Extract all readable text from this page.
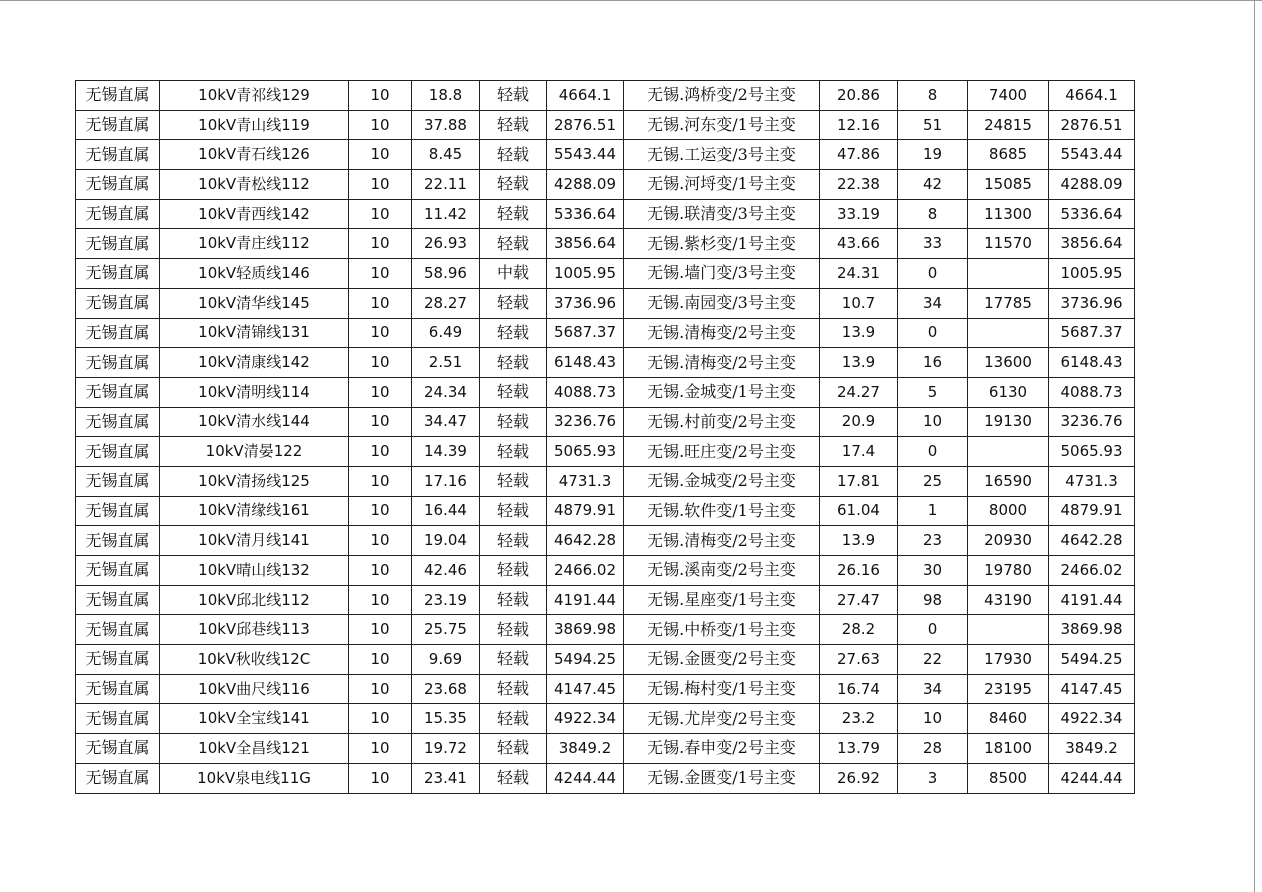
无锡直属	10kV青祁线129	10	18.8	轻载	4664.1	无锡.鸿桥变/2号主变	20.86	8	7400	4664.1
无锡直属	10kV青山线119	10	37.88	轻载	2876.51	无锡.河东变/1号主变	12.16	51	24815	2876.51
无锡直属	10kV青石线126	10	8.45	轻载	5543.44	无锡.工运变/3号主变	47.86	19	8685	5543.44
无锡直属	10kV青松线112	10	22.11	轻载	4288.09	无锡.河埒变/1号主变	22.38	42	15085	4288.09
无锡直属	10kV青西线142	10	11.42	轻载	5336.64	无锡.联清变/3号主变	33.19	8	11300	5336.64
无锡直属	10kV青庄线112	10	26.93	轻载	3856.64	无锡.紫杉变/1号主变	43.66	33	11570	3856.64
无锡直属	10kV轻质线146	10	58.96	中载	1005.95	无锡.墙门变/3号主变	24.31	0		1005.95
无锡直属	10kV清华线145	10	28.27	轻载	3736.96	无锡.南园变/3号主变	10.7	34	17785	3736.96
无锡直属	10kV清锦线131	10	6.49	轻载	5687.37	无锡.清梅变/2号主变	13.9	0		5687.37
无锡直属	10kV清康线142	10	2.51	轻载	6148.43	无锡.清梅变/2号主变	13.9	16	13600	6148.43
无锡直属	10kV清明线114	10	24.34	轻载	4088.73	无锡.金城变/1号主变	24.27	5	6130	4088.73
无锡直属	10kV清水线144	10	34.47	轻载	3236.76	无锡.村前变/2号主变	20.9	10	19130	3236.76
无锡直属	10kV清晏122	10	14.39	轻载	5065.93	无锡.旺庄变/2号主变	17.4	0		5065.93
无锡直属	10kV清扬线125	10	17.16	轻载	4731.3	无锡.金城变/2号主变	17.81	25	16590	4731.3
无锡直属	10kV清缘线161	10	16.44	轻载	4879.91	无锡.软件变/1号主变	61.04	1	8000	4879.91
无锡直属	10kV清月线141	10	19.04	轻载	4642.28	无锡.清梅变/2号主变	13.9	23	20930	4642.28
无锡直属	10kV晴山线132	10	42.46	轻载	2466.02	无锡.溪南变/2号主变	26.16	30	19780	2466.02
无锡直属	10kV邱北线112	10	23.19	轻载	4191.44	无锡.星座变/1号主变	27.47	98	43190	4191.44
无锡直属	10kV邱巷线113	10	25.75	轻载	3869.98	无锡.中桥变/1号主变	28.2	0		3869.98
无锡直属	10kV秋收线12C	10	9.69	轻载	5494.25	无锡.金匮变/2号主变	27.63	22	17930	5494.25
无锡直属	10kV曲尺线116	10	23.68	轻载	4147.45	无锡.梅村变/1号主变	16.74	34	23195	4147.45
无锡直属	10kV全宝线141	10	15.35	轻载	4922.34	无锡.尤岸变/2号主变	23.2	10	8460	4922.34
无锡直属	10kV全昌线121	10	19.72	轻载	3849.2	无锡.春申变/2号主变	13.79	28	18100	3849.2
无锡直属	10kV泉电线11G	10	23.41	轻载	4244.44	无锡.金匮变/1号主变	26.92	3	8500	4244.44
